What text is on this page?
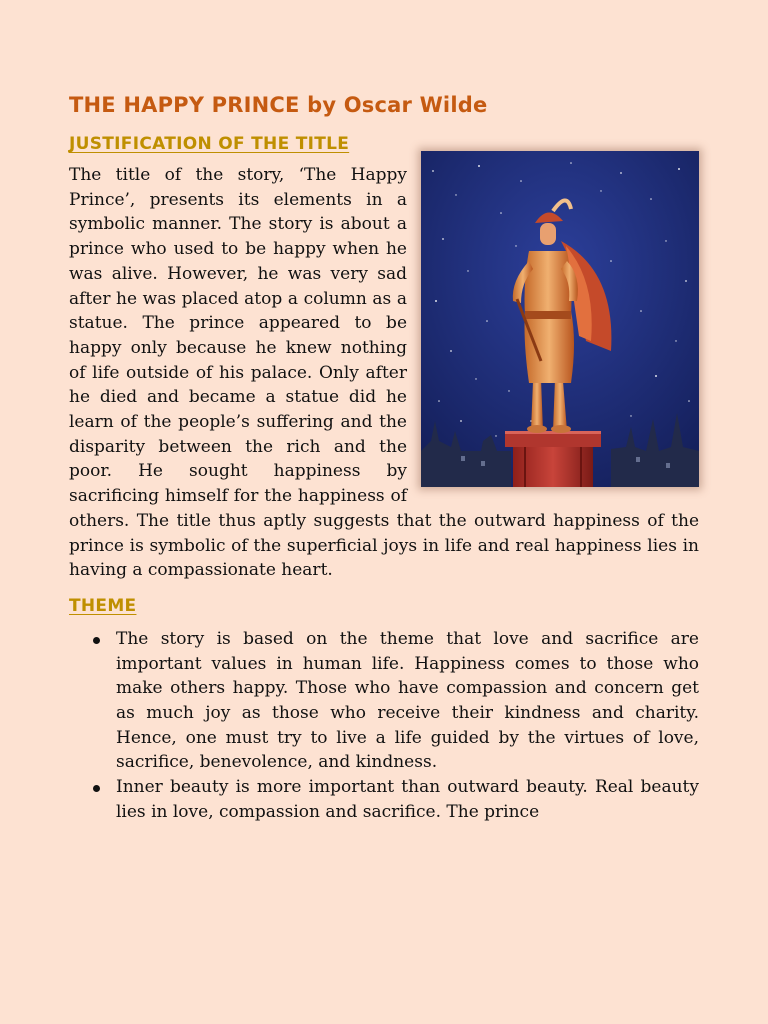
THE HAPPY PRINCE by Oscar Wilde
JUSTIFICATION OF THE TITLE

The title of the story, ‘The Happy Prince’, presents its elements in a symbolic manner. The story is about a prince who used to be happy when he was alive. However, he was very sad after he was placed atop a column as a statue. The prince appeared to be happy only because he knew nothing of life outside of his palace. Only after he died and became a statue did he learn of the people’s suffering and the disparity between the rich and the poor. He sought happiness by sacrificing himself for the happiness of others. The title thus aptly suggests that the outward happiness of the prince is symbolic of the superficial joys in life and real happiness lies in having a compassionate heart.

THEME
The story is based on the theme that love and sacrifice are important values in human life. Happiness comes to those who make others happy. Those who have compassion and concern get as much joy as those who receive their kindness and charity. Hence, one must try to live a life guided by the virtues of love, sacrifice, benevolence, and kindness.
Inner beauty is more important than outward beauty. Real beauty lies in love, compassion and sacrifice. The prince
